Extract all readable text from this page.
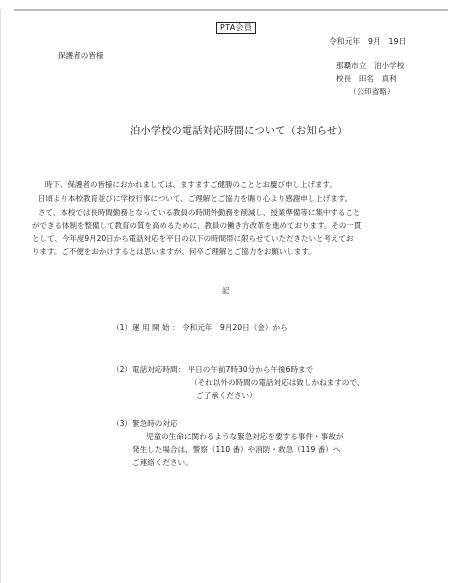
PTA会員
令和元年　9月　19日
保護者の皆様
那覇市立　泊小学校
校長　田名　真利
（公印省略）
泊小学校の電話対応時間について（お知らせ）
時下、保護者の皆様におかれましては、ますますご健勝のこととお慶び申し上げます。
日頃より本校教育並びに学校行事について、ご理解とご協力を賜り心より感謝申し上げます。
さて、本校では長時間勤務となっている教員の時間外勤務を削減し、授業準備等に集中すること
ができる体制を整備して教育の質を高めるために、教員の働き方改革を進めております。その一貫
として、今年度9月20日から電話対応を平日の以下の時間帯に限らせていただきたいと考えてお
ります。ご不便をおかけするとは思いますが、何卒ご理解とご協力をお願いします。
記
（1）運 用 開 始 ： 令和元年　9月20日（金）から
（2）電話対応時間： 平日の午前7時30分から午後6時まで
（それ以外の時間の電話対応は致しかねますので、
ご了承ください）
（3）緊急時の対応
児童の生命に関わるような緊急対応を要する事件・事故が
発生した場合は、警察（110 番）や消防・救急（119 番）へ
ご連絡ください。
